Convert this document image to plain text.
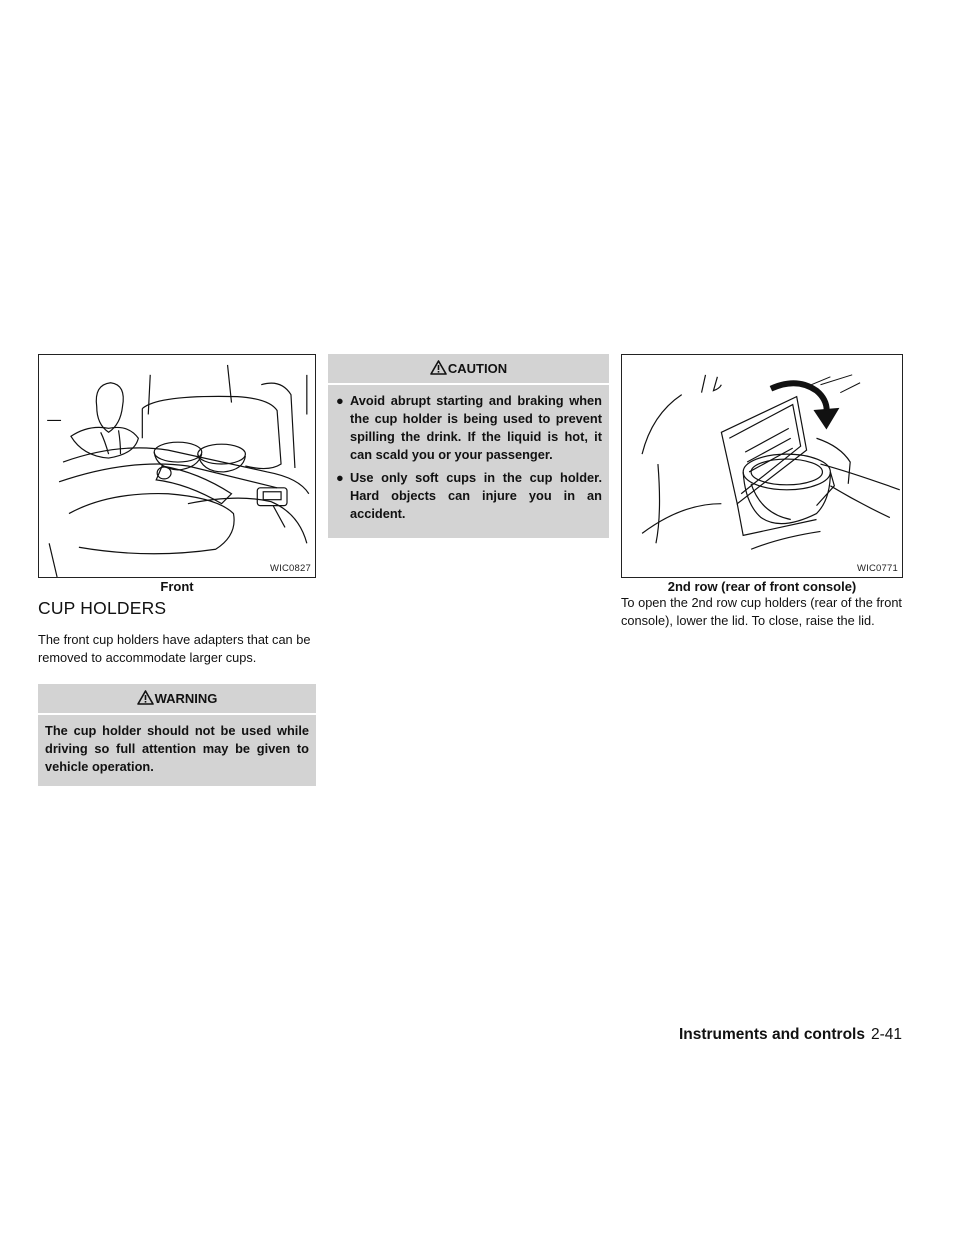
WIC0827
Front
CUP HOLDERS

The front cup holders have adapters that can be removed to accommodate larger cups.

WARNING

The cup holder should not be used while driving so full attention may be given to vehicle operation.

CAUTION
● Avoid abrupt starting and braking when the cup holder is being used to prevent spilling the drink. If the liquid is hot, it can scald you or your passenger.
● Use only soft cups in the cup holder. Hard objects can injure you in an accident.
WIC0771
2nd row (rear of front console)

To open the 2nd row cup holders (rear of the front console), lower the lid. To close, raise the lid.

Instruments and controls 2-41
